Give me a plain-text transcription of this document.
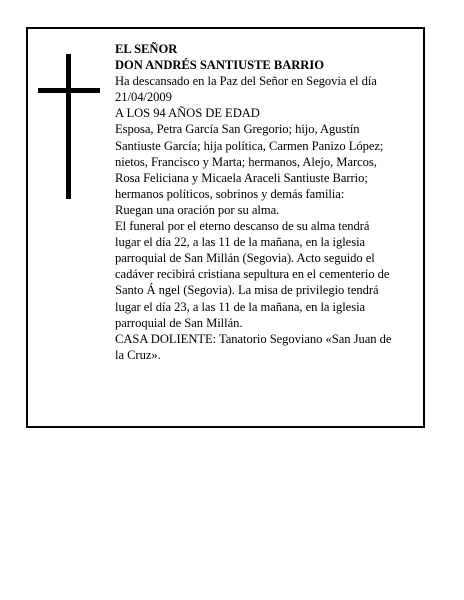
EL SEÑOR

DON ANDRÉS SANTIUSTE BARRIO

Ha descansado en la Paz del Señor en Segovia el día

21/04/2009

A LOS 94 AÑOS DE EDAD

Esposa, Petra García San Gregorio; hijo, Agustín

Santiuste García; hija política, Carmen Panizo López;

nietos, Francisco y Marta; hermanos, Alejo, Marcos,

Rosa Feliciana y Micaela Araceli Santiuste Barrio;

hermanos políticos, sobrinos y demás familia:

Ruegan una oración por su alma.

El funeral por el eterno descanso de su alma tendrá

lugar el día 22, a las 11 de la mañana, en la iglesia

parroquial de San Millán (Segovia). Acto seguido el

cadáver recibirá cristiana sepultura en el cementerio de

Santo Á ngel (Segovia). La misa de privilegio tendrá

lugar el día 23, a las 11 de la mañana, en la iglesia

parroquial de San Millán.

CASA DOLIENTE: Tanatorio Segoviano «San Juan de

la Cruz».
